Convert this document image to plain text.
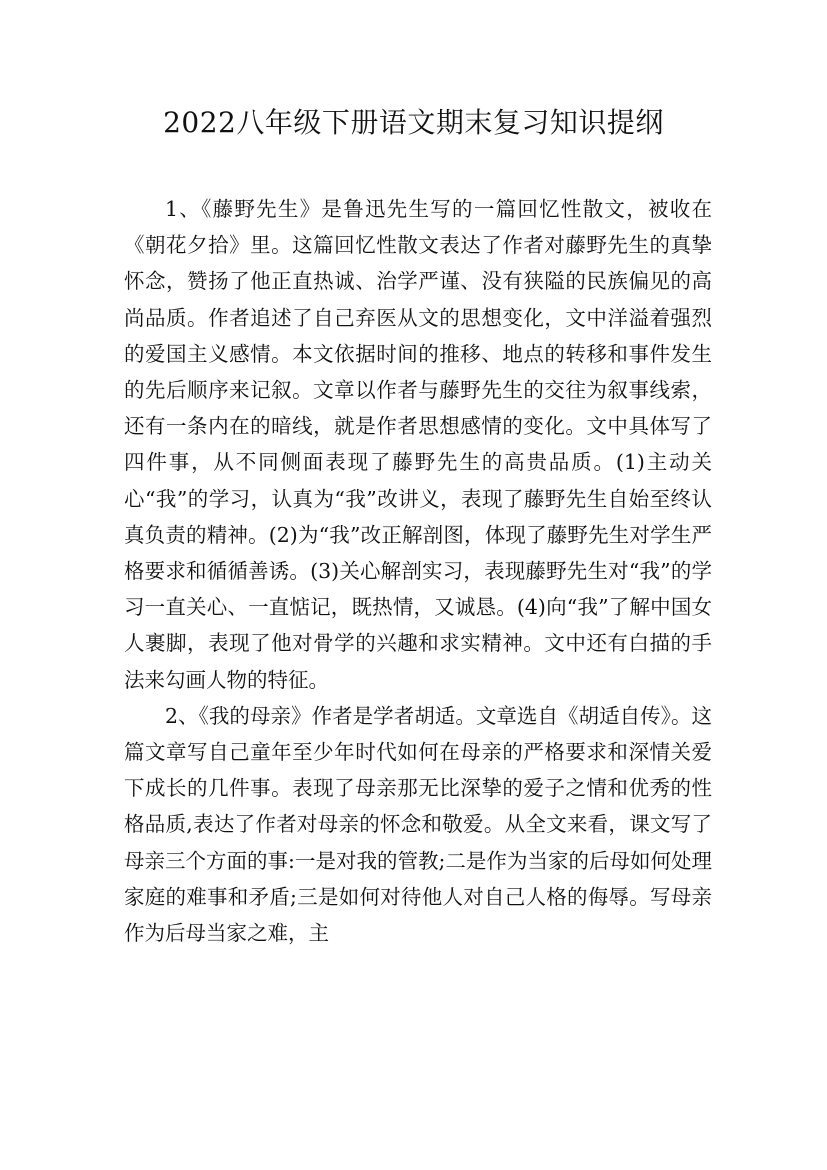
2022八年级下册语文期末复习知识提纲

1、《藤野先生》是鲁迅先生写的一篇回忆性散文，被收在《朝花夕拾》里。这篇回忆性散文表达了作者对藤野先生的真挚怀念，赞扬了他正直热诚、治学严谨、没有狭隘的民族偏见的高尚品质。作者追述了自己弃医从文的思想变化，文中洋溢着强烈的爱国主义感情。本文依据时间的推移、地点的转移和事件发生的先后顺序来记叙。文章以作者与藤野先生的交往为叙事线索，还有一条内在的暗线，就是作者思想感情的变化。文中具体写了四件事，从不同侧面表现了藤野先生的高贵品质。(1)主动关心“我”的学习，认真为“我”改讲义，表现了藤野先生自始至终认真负责的精神。(2)为“我”改正解剖图，体现了藤野先生对学生严格要求和循循善诱。(3)关心解剖实习，表现藤野先生对“我”的学习一直关心、一直惦记，既热情，又诚恳。(4)向“我”了解中国女人裹脚，表现了他对骨学的兴趣和求实精神。文中还有白描的手法来勾画人物的特征。

2、《我的母亲》作者是学者胡适。文章选自《胡适自传》。这篇文章写自己童年至少年时代如何在母亲的严格要求和深情关爱下成长的几件事。表现了母亲那无比深挚的爱子之情和优秀的性格品质,表达了作者对母亲的怀念和敬爱。从全文来看，课文写了母亲三个方面的事:一是对我的管教;二是作为当家的后母如何处理家庭的难事和矛盾;三是如何对待他人对自己人格的侮辱。写母亲作为后母当家之难，主
